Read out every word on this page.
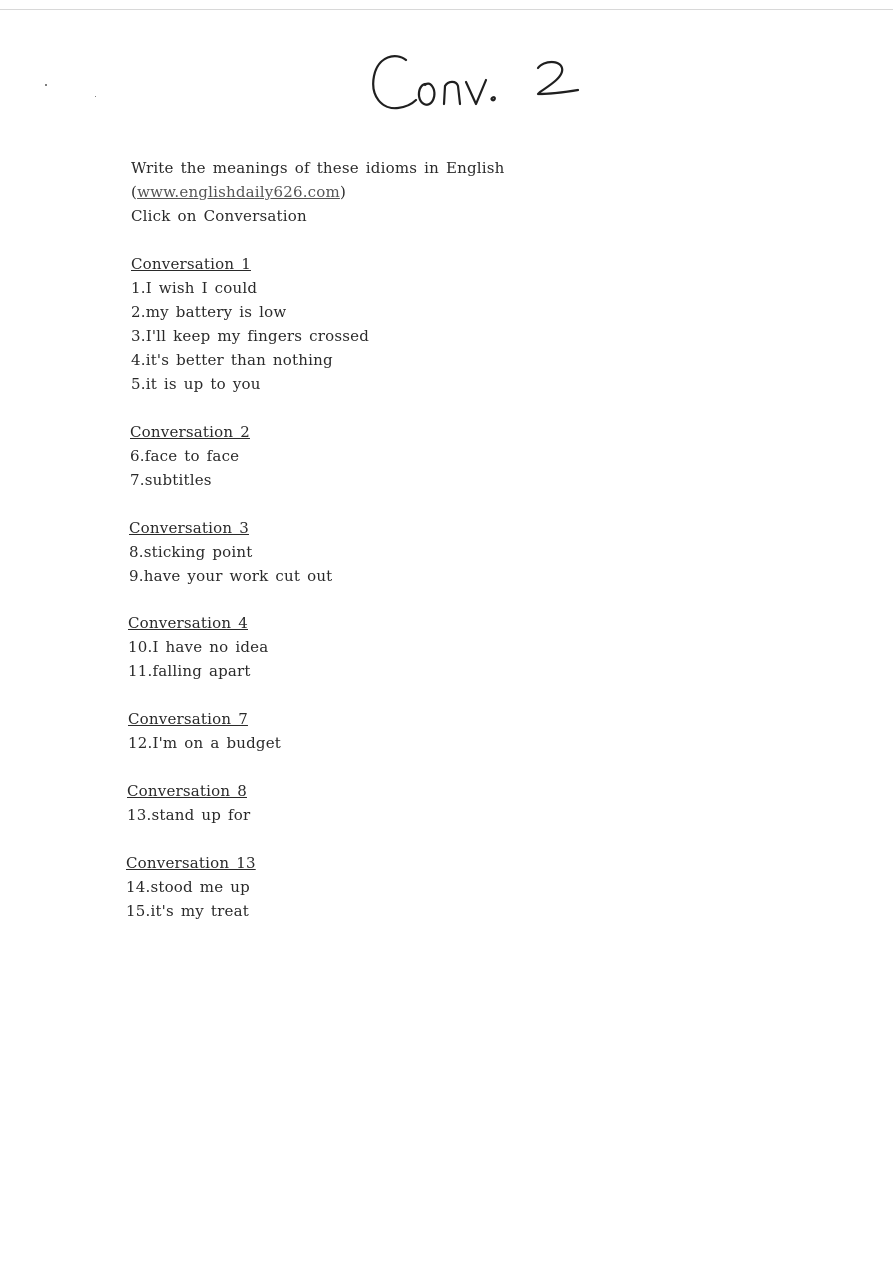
Write the meanings of these idioms in English
(www.englishdaily626.com)
Click on Conversation
Conversation 1
1.I wish I could
2.my battery is low
3.I'll keep my fingers crossed
4.it's better than nothing
5.it is up to you
Conversation 2
6.face to face
7.subtitles
Conversation 3
8.sticking point
9.have your work cut out
Conversation 4
10.I have no idea
11.falling apart
Conversation 7
12.I'm on a budget
Conversation 8
13.stand up for
Conversation 13
14.stood me up
15.it's my treat
